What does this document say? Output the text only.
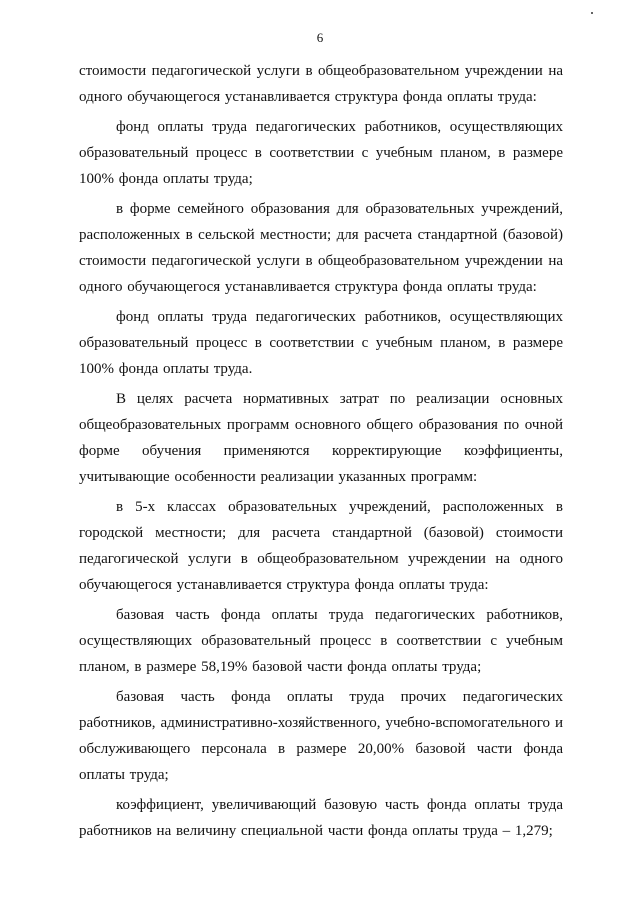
6

стоимости педагогической услуги в общеобразовательном учреждении на одного обучающегося устанавливается структура фонда оплаты труда:

фонд оплаты труда педагогических работников, осуществляющих образовательный процесс в соответствии с учебным планом, в размере 100% фонда оплаты труда;

в форме семейного образования для образовательных учреждений, расположенных в сельской местности; для расчета стандартной (базовой) стоимости педагогической услуги в общеобразовательном учреждении на одного обучающегося устанавливается структура фонда оплаты труда:

фонд оплаты труда педагогических работников, осуществляющих образовательный процесс в соответствии с учебным планом, в размере 100% фонда оплаты труда.

В целях расчета нормативных затрат по реализации основных общеобразовательных программ основного общего образования по очной форме обучения применяются корректирующие коэффициенты, учитывающие особенности реализации указанных программ:

в 5-х классах образовательных учреждений, расположенных в городской местности; для расчета стандартной (базовой) стоимости педагогической услуги в общеобразовательном учреждении на одного обучающегося устанавливается структура фонда оплаты труда:

базовая часть фонда оплаты труда педагогических работников, осуществляющих образовательный процесс в соответствии с учебным планом, в размере 58,19% базовой части фонда оплаты труда;

базовая часть фонда оплаты труда прочих педагогических работников, административно-хозяйственного, учебно-вспомогательного и обслуживающего персонала в размере 20,00% базовой части фонда оплаты труда;

коэффициент, увеличивающий базовую часть фонда оплаты труда работников на величину специальной части фонда оплаты труда – 1,279;
